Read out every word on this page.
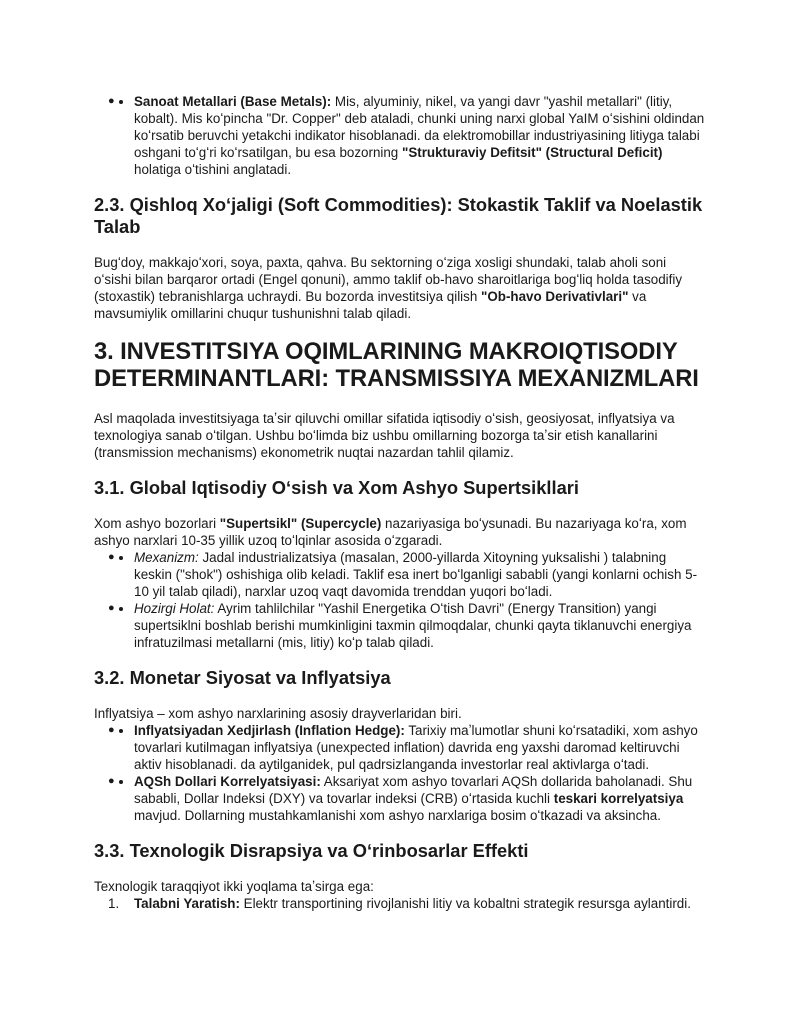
● • Sanoat Metallari (Base Metals): Mis, alyuminiy, nikel, va yangi davr "yashil metallari" (litiy, kobalt). Mis koʻpincha "Dr. Copper" deb ataladi, chunki uning narxi global YaIM oʻsishini oldindan koʻrsatib beruvchi yetakchi indikator hisoblanadi. da elektromobillar industriyasining litiyga talabi oshgani toʻgʻri koʻrsatilgan, bu esa bozorning "Strukturaviy Defitsit" (Structural Deficit) holatiga oʻtishini anglatadi.
2.3. Qishloq Xoʻjaligi (Soft Commodities): Stokastik Taklif va Noelastik Talab

Bugʻdoy, makkajoʻxori, soya, paxta, qahva. Bu sektorning oʻziga xosligi shundaki, talab aholi soni oʻsishi bilan barqaror ortadi (Engel qonuni), ammo taklif ob-havo sharoitlariga bogʻliq holda tasodifiy (stoxastik) tebranishlarga uchraydi. Bu bozorda investitsiya qilish "Ob-havo Derivativlari" va mavsumiylik omillarini chuqur tushunishni talab qiladi.

3. INVESTITSIYA OQIMLARINING MAKROIQTISODIY DETERMINANTLARI: TRANSMISSIYA MEXANIZMLARI

Asl maqolada investitsiyaga taʼsir qiluvchi omillar sifatida iqtisodiy oʻsish, geosiyosat, inflyatsiya va texnologiya sanab oʻtilgan. Ushbu boʻlimda biz ushbu omillarning bozorga taʼsir etish kanallarini (transmission mechanisms) ekonometrik nuqtai nazardan tahlil qilamiz.

3.1. Global Iqtisodiy Oʻsish va Xom Ashyo Supertsikllari

Xom ashyo bozorlari "Supertsikl" (Supercycle) nazariyasiga boʻysunadi. Bu nazariyaga koʻra, xom ashyo narxlari 10-35 yillik uzoq toʻlqinlar asosida oʻzgaradi.

● • Mexanizm: Jadal industrializatsiya (masalan, 2000-yillarda Xitoyning yuksalishi ) talabning keskin ("shok") oshishiga olib keladi. Taklif esa inert boʻlganligi sababli (yangi konlarni ochish 5-10 yil talab qiladi), narxlar uzoq vaqt davomida trenddan yuqori boʻladi.
● • Hozirgi Holat: Ayrim tahlilchilar "Yashil Energetika Oʻtish Davri" (Energy Transition) yangi supertsiklni boshlab berishi mumkinligini taxmin qilmoqdalar, chunki qayta tiklanuvchi energiya infratuzilmasi metallarni (mis, litiy) koʻp talab qiladi.
3.2. Monetar Siyosat va Inflyatsiya

Inflyatsiya – xom ashyo narxlarining asosiy drayverlaridan biri.

● • Inflyatsiyadan Xedjirlash (Inflation Hedge): Tarixiy maʼlumotlar shuni koʻrsatadiki, xom ashyo tovarlari kutilmagan inflyatsiya (unexpected inflation) davrida eng yaxshi daromad keltiruvchi aktiv hisoblanadi. da aytilganidek, pul qadrsizlanganda investorlar real aktivlarga oʻtadi.
● • AQSh Dollari Korrelyatsiyasi: Aksariyat xom ashyo tovarlari AQSh dollarida baholanadi. Shu sababli, Dollar Indeksi (DXY) va tovarlar indeksi (CRB) oʻrtasida kuchli teskari korrelyatsiya mavjud. Dollarning mustahkamlanishi xom ashyo narxlariga bosim oʻtkazadi va aksincha.
3.3. Texnologik Disrapsiya va Oʻrinbosarlar Effekti

Texnologik taraqqiyot ikki yoqlama taʼsirga ega:

1. Talabni Yaratish: Elektr transportining rivojlanishi litiy va kobaltni strategik resursga aylantirdi.
